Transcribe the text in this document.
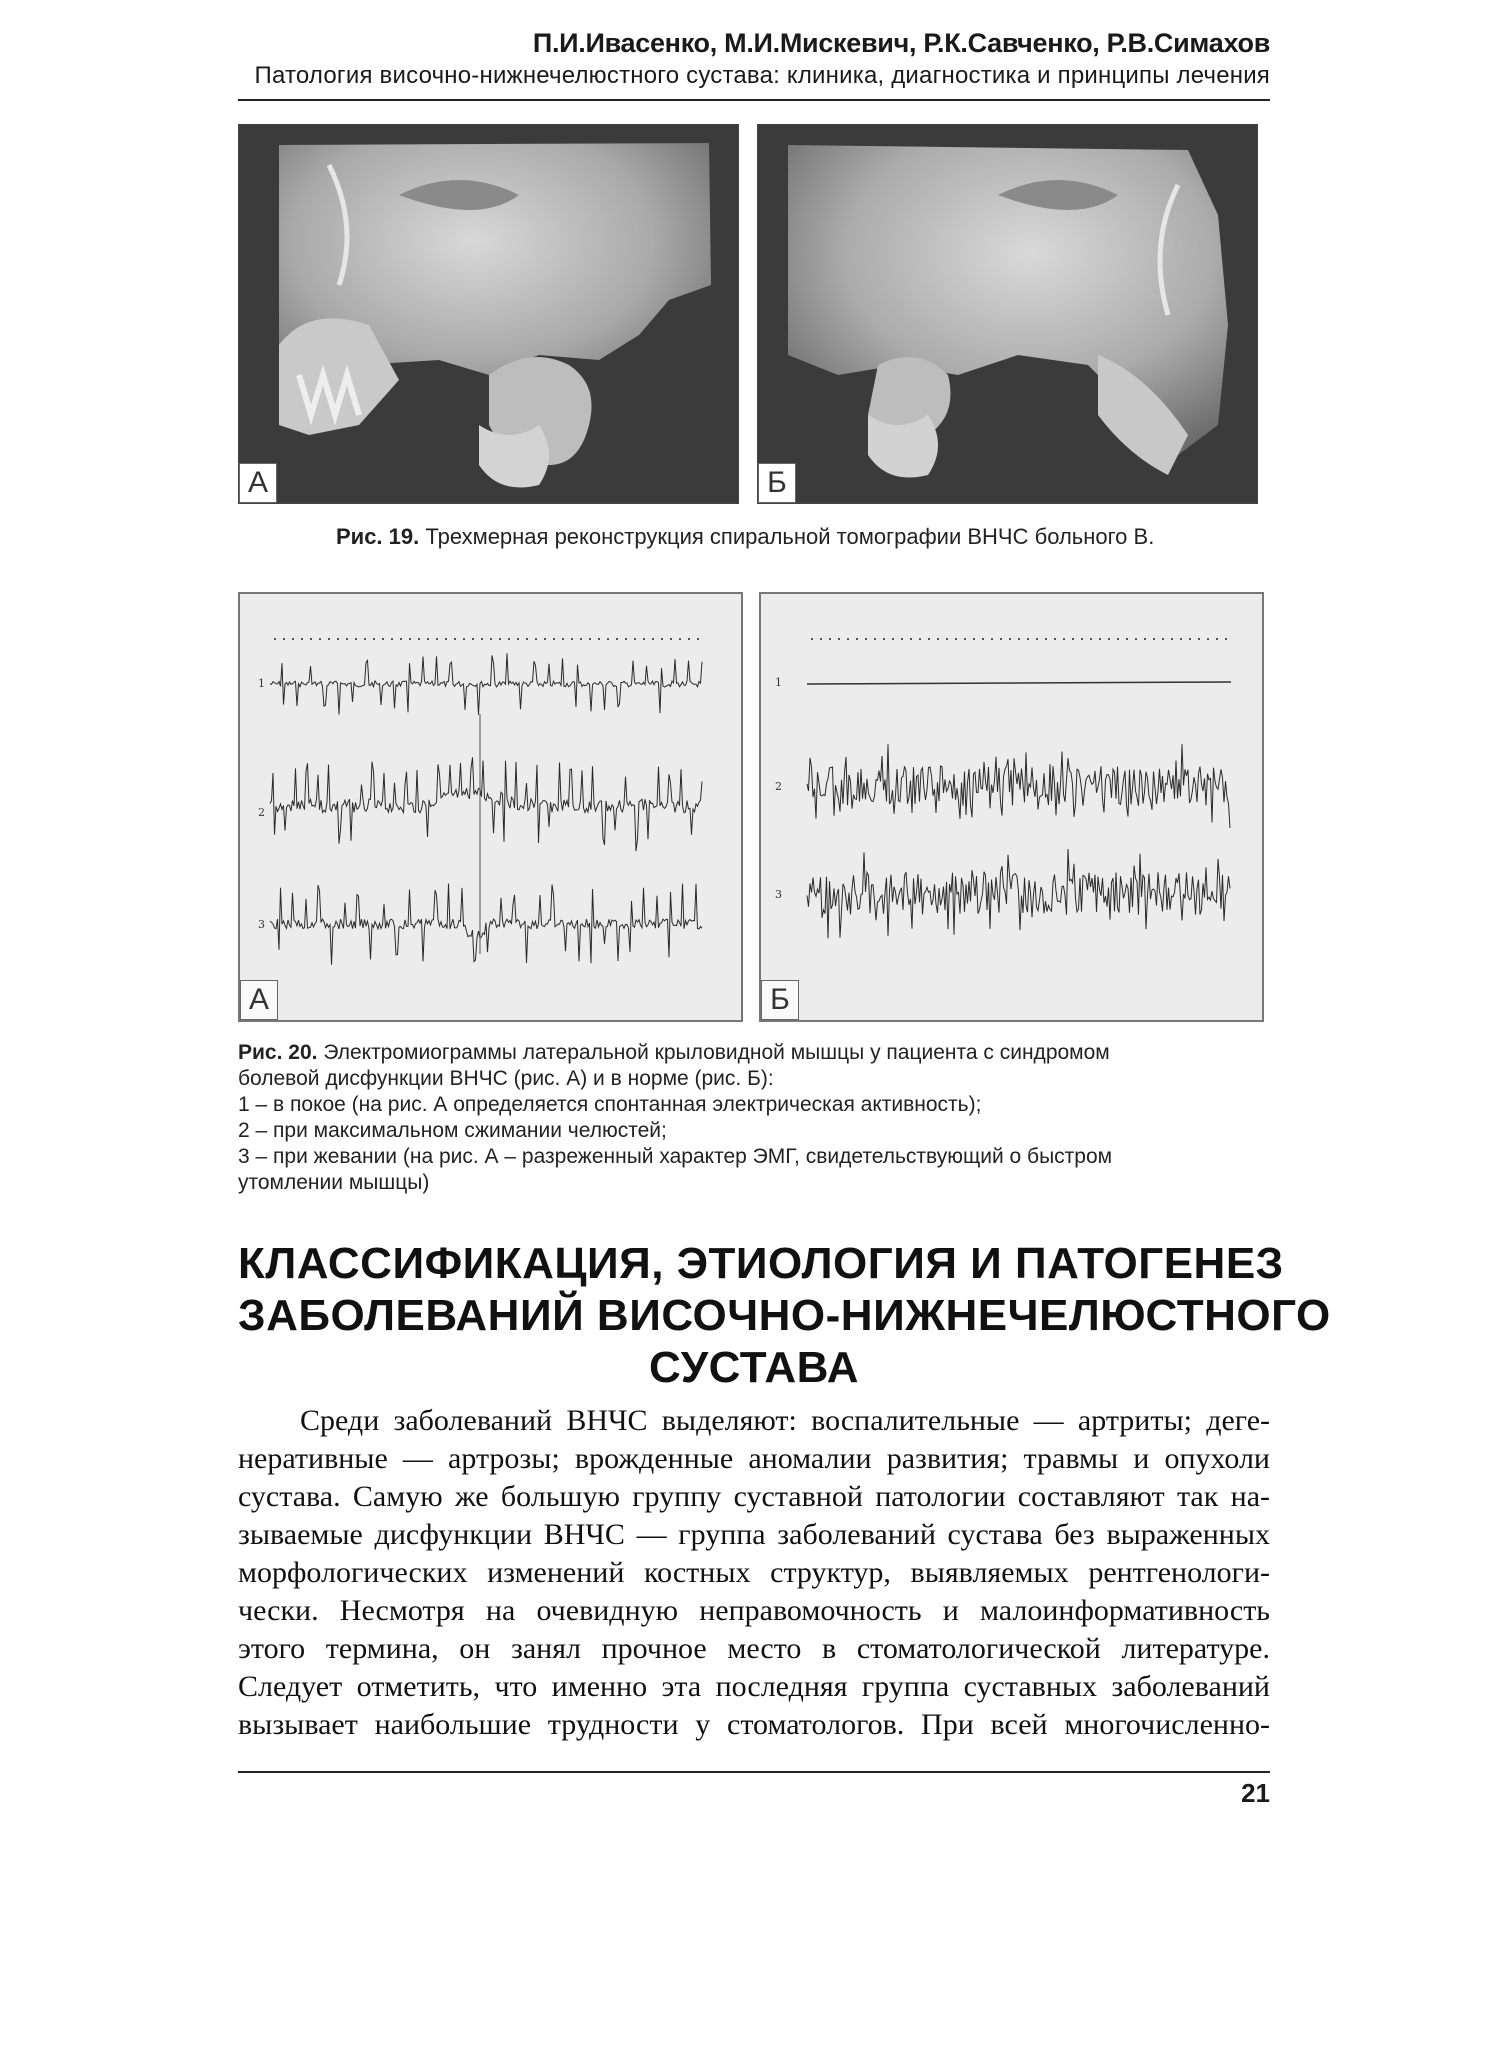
П.И.Ивасенко, М.И.Мискевич, Р.К.Савченко, Р.В.Симахов
Патология височно-нижнечелюстного сустава: клиника, диагностика и принципы лечения
А	Б
Рис. 19. Трехмерная реконструкция спиральной томографии ВНЧС больного В.
1
2
3
А
1
2
3
Б
Рис. 20. Электромиограммы латеральной крыловидной мышцы у пациента с синдромом
болевой дисфункции ВНЧС (рис. А) и в норме (рис. Б):
1 – в покое (на рис. А определяется спонтанная электрическая активность);
2 – при максимальном сжимании челюстей;
3 – при жевании (на рис. А – разреженный характер ЭМГ, свидетельствующий о быстром
утомлении мышцы)
КЛАССИФИКАЦИЯ, ЭТИОЛОГИЯ И ПАТОГЕНЕЗ
ЗАБОЛЕВАНИЙ ВИСОЧНО-НИЖНЕЧЕЛЮСТНОГО
СУСТАВА
Среди заболеваний ВНЧС выделяют: воспалительные — артриты; деге-
неративные — артрозы; врожденные аномалии развития; травмы и опухоли
сустава. Самую же большую группу суставной патологии составляют так на-
зываемые дисфункции ВНЧС — группа заболеваний сустава без выраженных
морфологических изменений костных структур, выявляемых рентгенологи-
чески. Несмотря на очевидную неправомочность и малоинформативность
этого термина, он занял прочное место в стоматологической литературе.
Следует отметить, что именно эта последняя группа суставных заболеваний
вызывает наибольшие трудности у стоматологов. При всей многочисленно-
21
